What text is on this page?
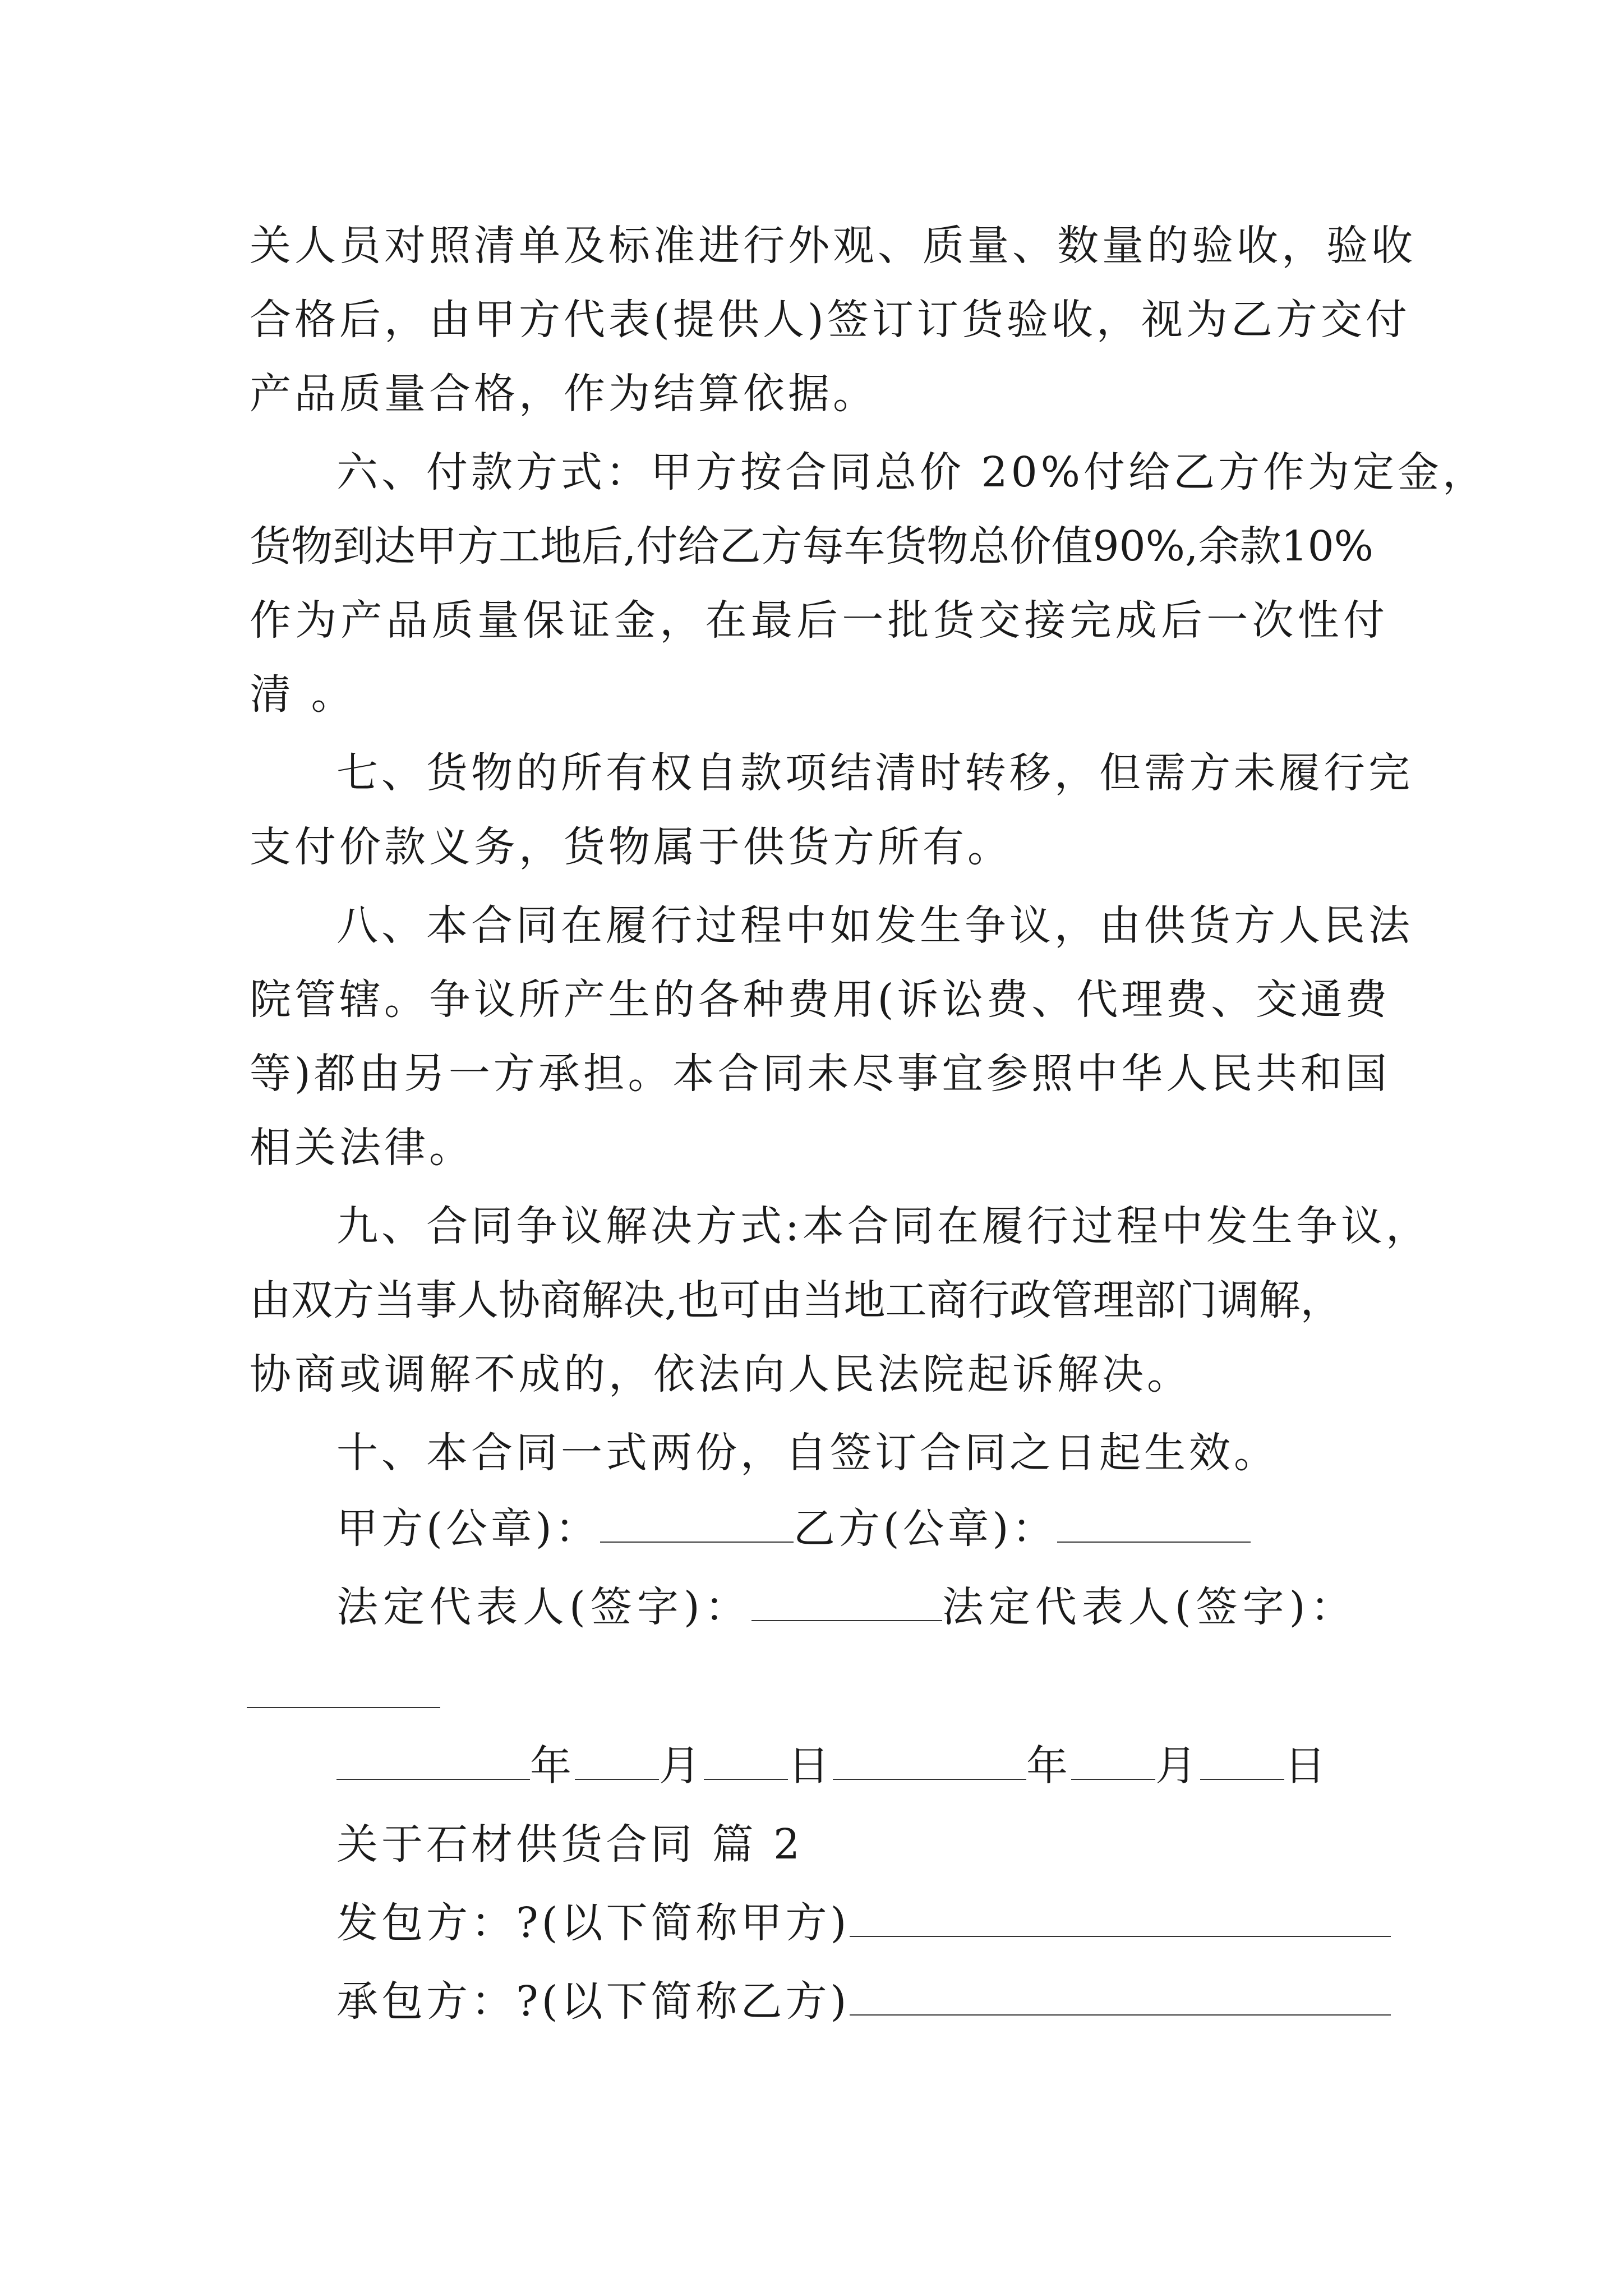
关人员对照清单及标准进行外观、质量、数量的验收，验收
合格后，由甲方代表(提供人)签订订货验收，视为乙方交付
产品质量合格，作为结算依据。
六、付款方式：甲方按合同总价 20%付给乙方作为定金，
货物到达甲方工地后,付给乙方每车货物总价值90%,余款10%
作为产品质量保证金，在最后一批货交接完成后一次性付
清 。
七、货物的所有权自款项结清时转移，但需方未履行完
支付价款义务，货物属于供货方所有。
八、本合同在履行过程中如发生争议，由供货方人民法
院管辖。争议所产生的各种费用(诉讼费、代理费、交通费
等)都由另一方承担。本合同未尽事宜参照中华人民共和国
相关法律。
九、合同争议解决方式:本合同在履行过程中发生争议，
由双方当事人协商解决,也可由当地工商行政管理部门调解，
协商或调解不成的，依法向人民法院起诉解决。
十、本合同一式两份，自签订合同之日起生效。
甲方(公章)：	乙方(公章)：
法定代表人(签字)：	法定代表人(签字)：
年 月 日	年 月 日
关于石材供货合同 篇 2
发包方：?(以下简称甲方)
承包方：?(以下简称乙方)
